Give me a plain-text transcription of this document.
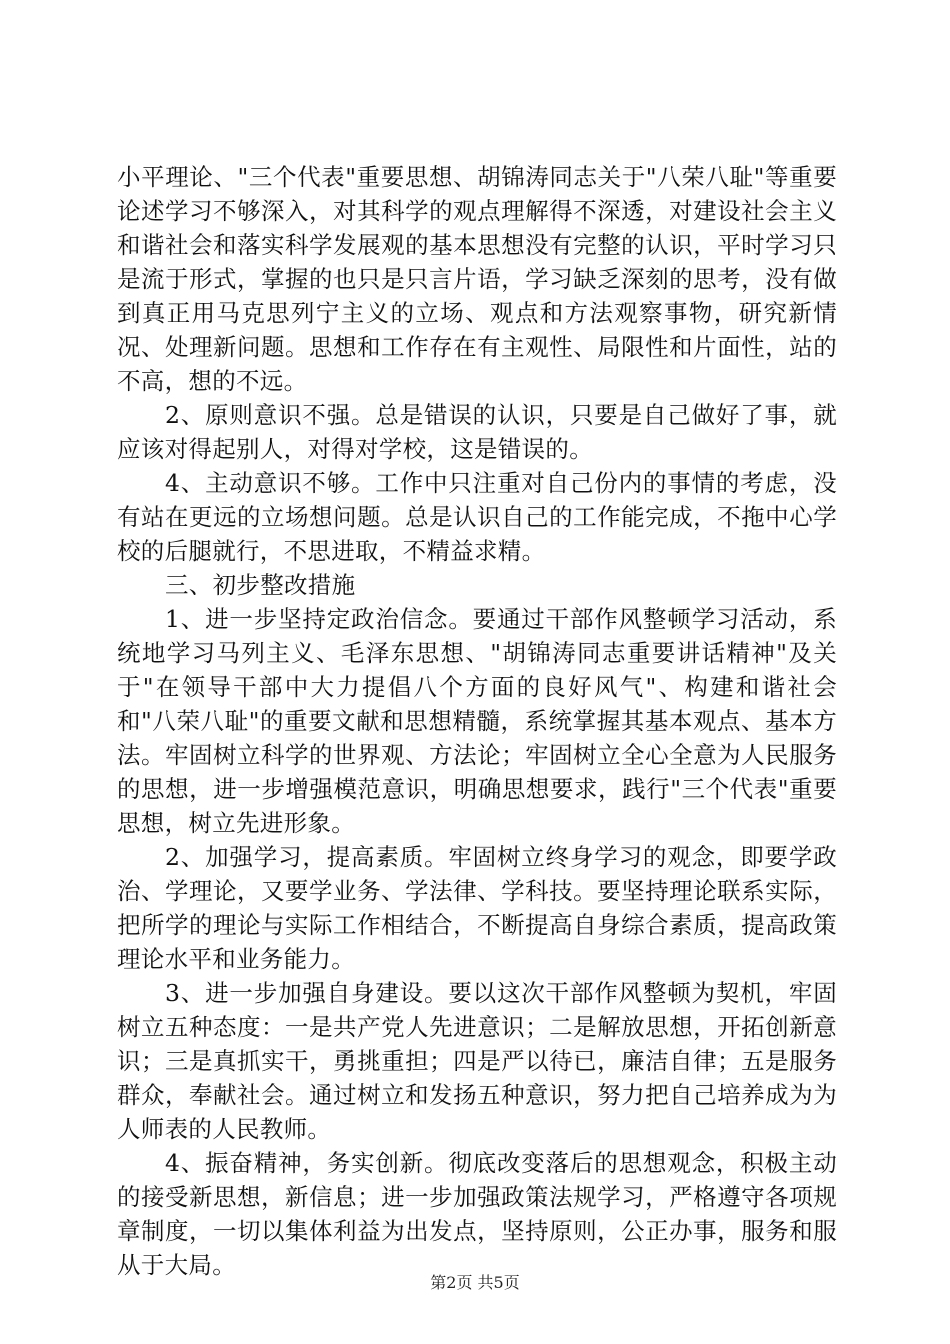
小平理论、"三个代表"重要思想、胡锦涛同志关于"八荣八耻"等重要论述学习不够深入，对其科学的观点理解得不深透，对建设社会主义和谐社会和落实科学发展观的基本思想没有完整的认识，平时学习只是流于形式，掌握的也只是只言片语，学习缺乏深刻的思考，没有做到真正用马克思列宁主义的立场、观点和方法观察事物，研究新情况、处理新问题。思想和工作存在有主观性、局限性和片面性，站的不高，想的不远。

2、原则意识不强。总是错误的认识，只要是自己做好了事，就应该对得起别人，对得对学校，这是错误的。

4、主动意识不够。工作中只注重对自己份内的事情的考虑，没有站在更远的立场想问题。总是认识自己的工作能完成，不拖中心学校的后腿就行，不思进取，不精益求精。

三、初步整改措施

1、进一步坚持定政治信念。要通过干部作风整顿学习活动，系统地学习马列主义、毛泽东思想、"胡锦涛同志重要讲话精神"及关于"在领导干部中大力提倡八个方面的良好风气"、构建和谐社会和"八荣八耻"的重要文献和思想精髓，系统掌握其基本观点、基本方法。牢固树立科学的世界观、方法论；牢固树立全心全意为人民服务的思想，进一步增强模范意识，明确思想要求，践行"三个代表"重要思想，树立先进形象。

2、加强学习，提高素质。牢固树立终身学习的观念，即要学政治、学理论，又要学业务、学法律、学科技。要坚持理论联系实际，把所学的理论与实际工作相结合，不断提高自身综合素质，提高政策理论水平和业务能力。

3、进一步加强自身建设。要以这次干部作风整顿为契机，牢固树立五种态度：一是共产党人先进意识；二是解放思想，开拓创新意识；三是真抓实干，勇挑重担；四是严以待已，廉洁自律；五是服务群众，奉献社会。通过树立和发扬五种意识，努力把自己培养成为为人师表的人民教师。

4、振奋精神，务实创新。彻底改变落后的思想观念，积极主动的接受新思想，新信息；进一步加强政策法规学习，严格遵守各项规章制度，一切以集体利益为出发点，坚持原则，公正办事，服务和服从于大局。

第2页 共5页
